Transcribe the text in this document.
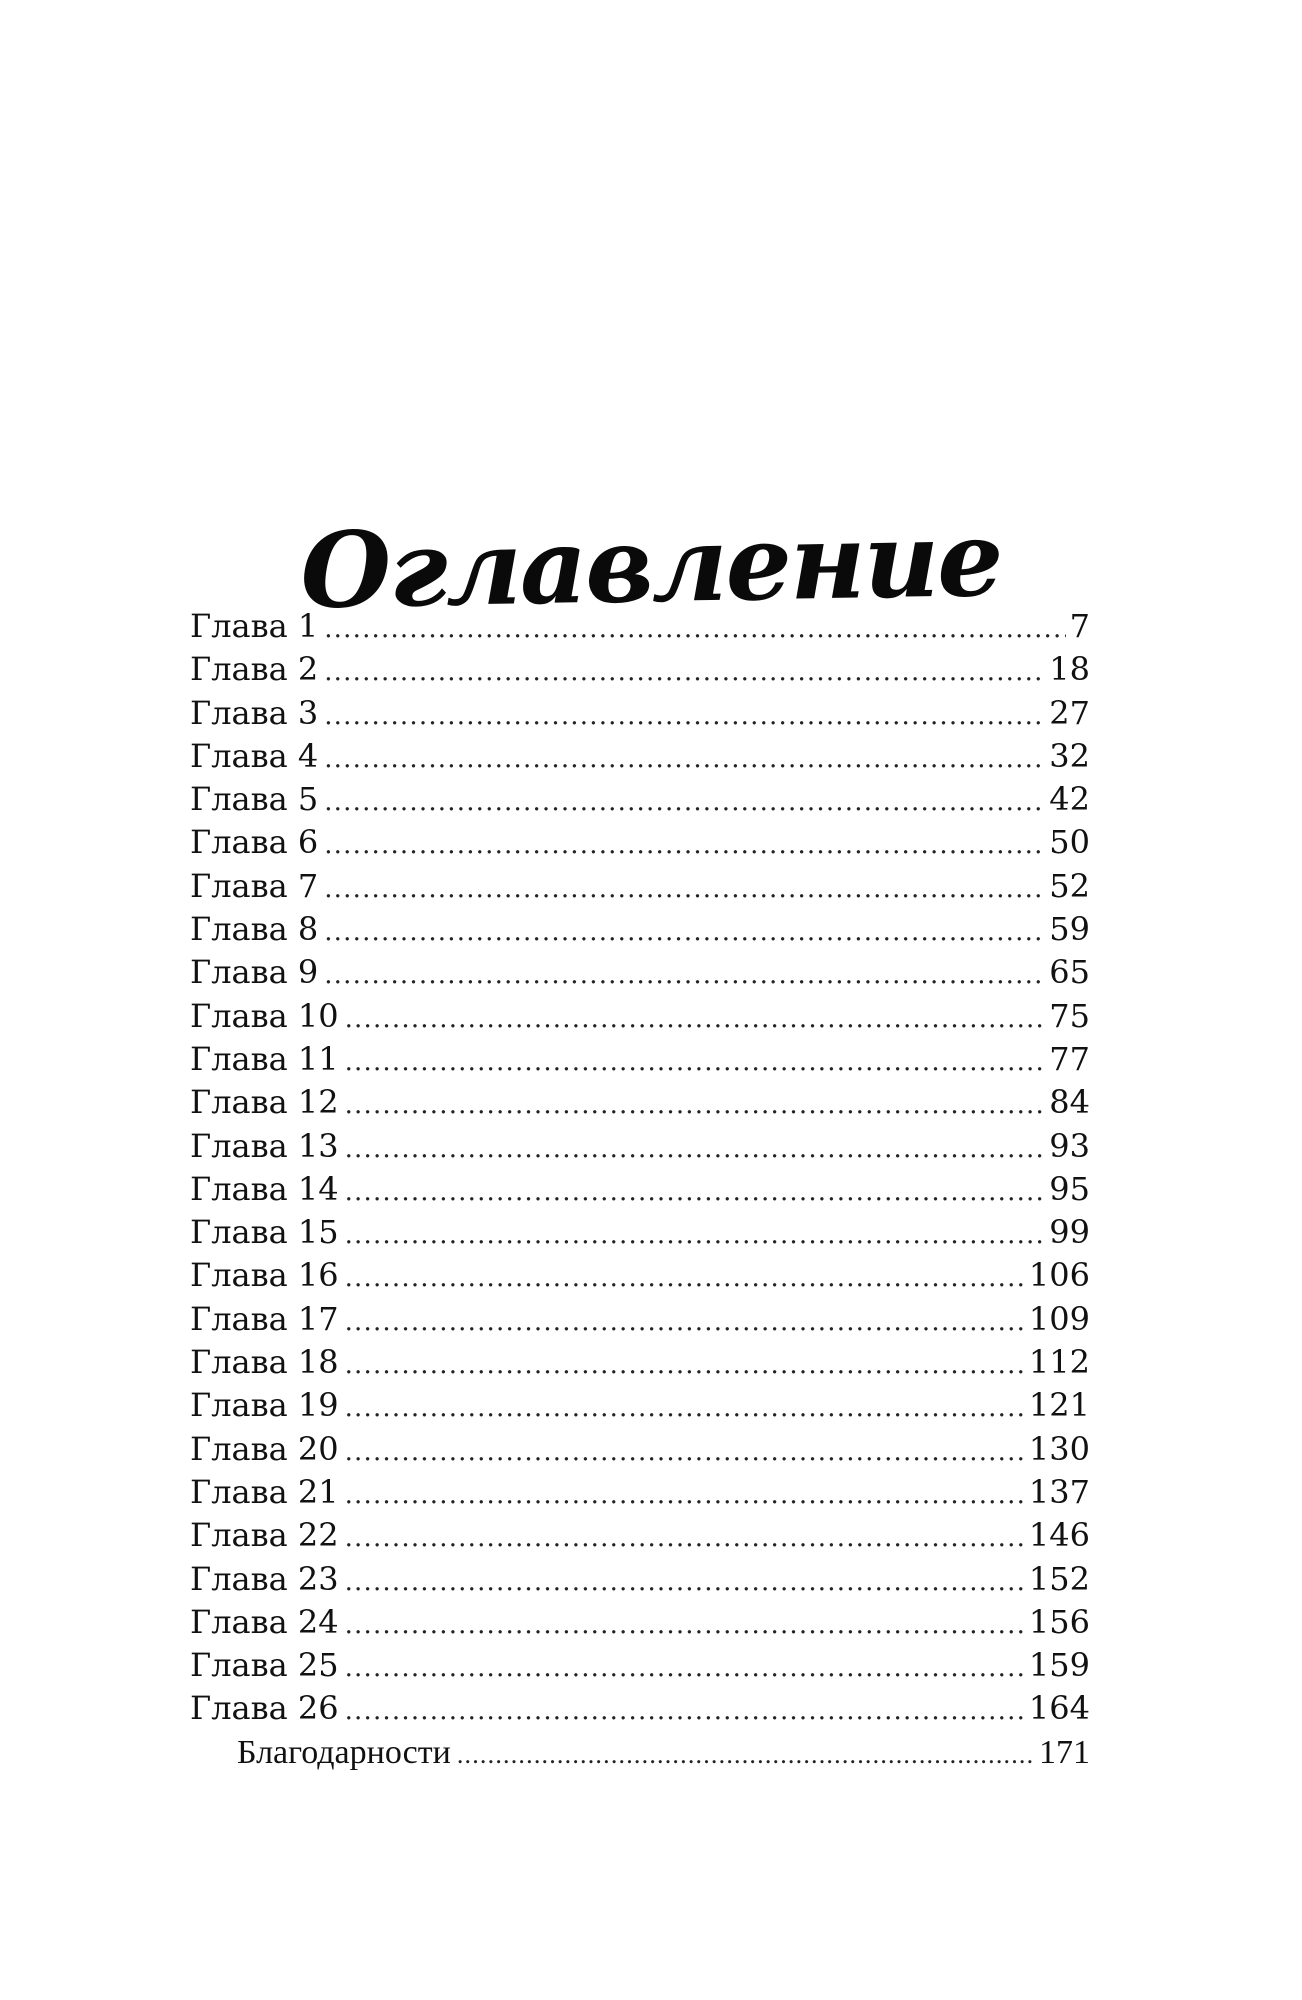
Оглавление
Глава 1 .....	7
Глава 2 .....	18
Глава 3 .....	27
Глава 4 .....	32
Глава 5 .....	42
Глава 6 .....	50
Глава 7 .....	52
Глава 8 .....	59
Глава 9 .....	65
Глава 10 .....	75
Глава 11 .....	77
Глава 12 .....	84
Глава 13 .....	93
Глава 14 .....	95
Глава 15 .....	99
Глава 16 .....	106
Глава 17 .....	109
Глава 18 .....	112
Глава 19 .....	121
Глава 20 .....	130
Глава 21 .....	137
Глава 22 .....	146
Глава 23 .....	152
Глава 24 .....	156
Глава 25 .....	159
Глава 26 .....	164
Благодарности .....	171
